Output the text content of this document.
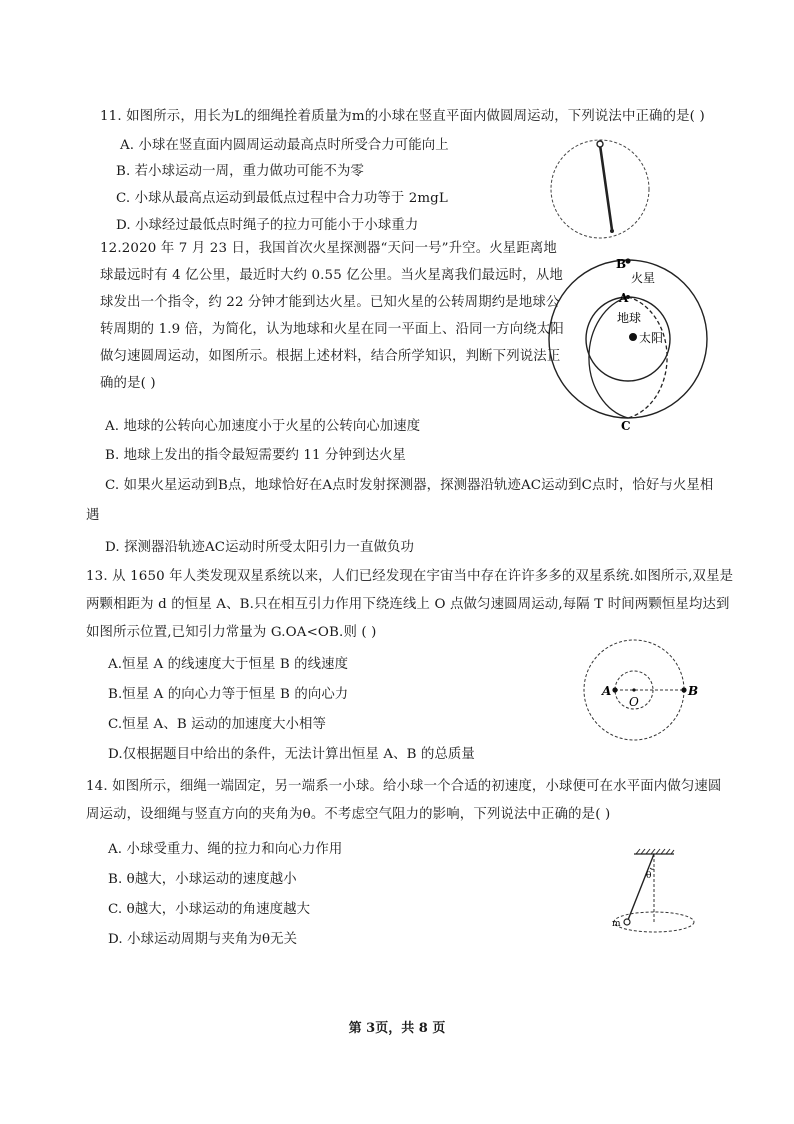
11. 如图所示，用长为L的细绳拴着质量为m的小球在竖直平面内做圆周运动，下列说法中正确的是( )
A. 小球在竖直面内圆周运动最高点时所受合力可能向上
B. 若小球运动一周，重力做功可能不为零
C. 小球从最高点运动到最低点过程中合力功等于 2mgL
D. 小球经过最低点时绳子的拉力可能小于小球重力
12.2020 年 7 月 23 日，我国首次火星探测器“天问一号”升空。火星距离地
球最远时有 4 亿公里，最近时大约 0.55 亿公里。当火星离我们最远时，从地
球发出一个指令，约 22 分钟才能到达火星。已知火星的公转周期约是地球公
转周期的 1.9 倍，为简化，认为地球和火星在同一平面上、沿同一方向绕太阳
做匀速圆周运动，如图所示。根据上述材料，结合所学知识，判断下列说法正
确的是( )
A. 地球的公转向心加速度小于火星的公转向心加速度
B. 地球上发出的指令最短需要约 11 分钟到达火星
C. 如果火星运动到B点，地球恰好在A点时发射探测器，探测器沿轨迹AC运动到C点时，恰好与火星相
遇
D. 探测器沿轨迹AC运动时所受太阳引力一直做负功
B
火星
A
地球
太阳
C
13. 从 1650 年人类发现双星系统以来，人们已经发现在宇宙当中存在许许多多的双星系统.如图所示,双星是
两颗相距为 d 的恒星 A、B.只在相互引力作用下绕连线上 O 点做匀速圆周运动,每隔 T 时间两颗恒星均达到
如图所示位置,已知引力常量为 G.OA<OB.则 ( )
A.恒星 A 的线速度大于恒星 B 的线速度
B.恒星 A 的向心力等于恒星 B 的向心力
C.恒星 A、B 运动的加速度大小相等
D.仅根据题目中给出的条件，无法计算出恒星 A、B 的总质量
A
O
B
14. 如图所示，细绳一端固定，另一端系一小球。给小球一个合适的初速度，小球便可在水平面内做匀速圆
周运动，设细绳与竖直方向的夹角为θ。不考虑空气阻力的影响，下列说法中正确的是( )
A. 小球受重力、绳的拉力和向心力作用
B. θ越大，小球运动的速度越小
C. θ越大，小球运动的角速度越大
D. 小球运动周期与夹角为θ无关
θ
m
第 3页，共 8 页
